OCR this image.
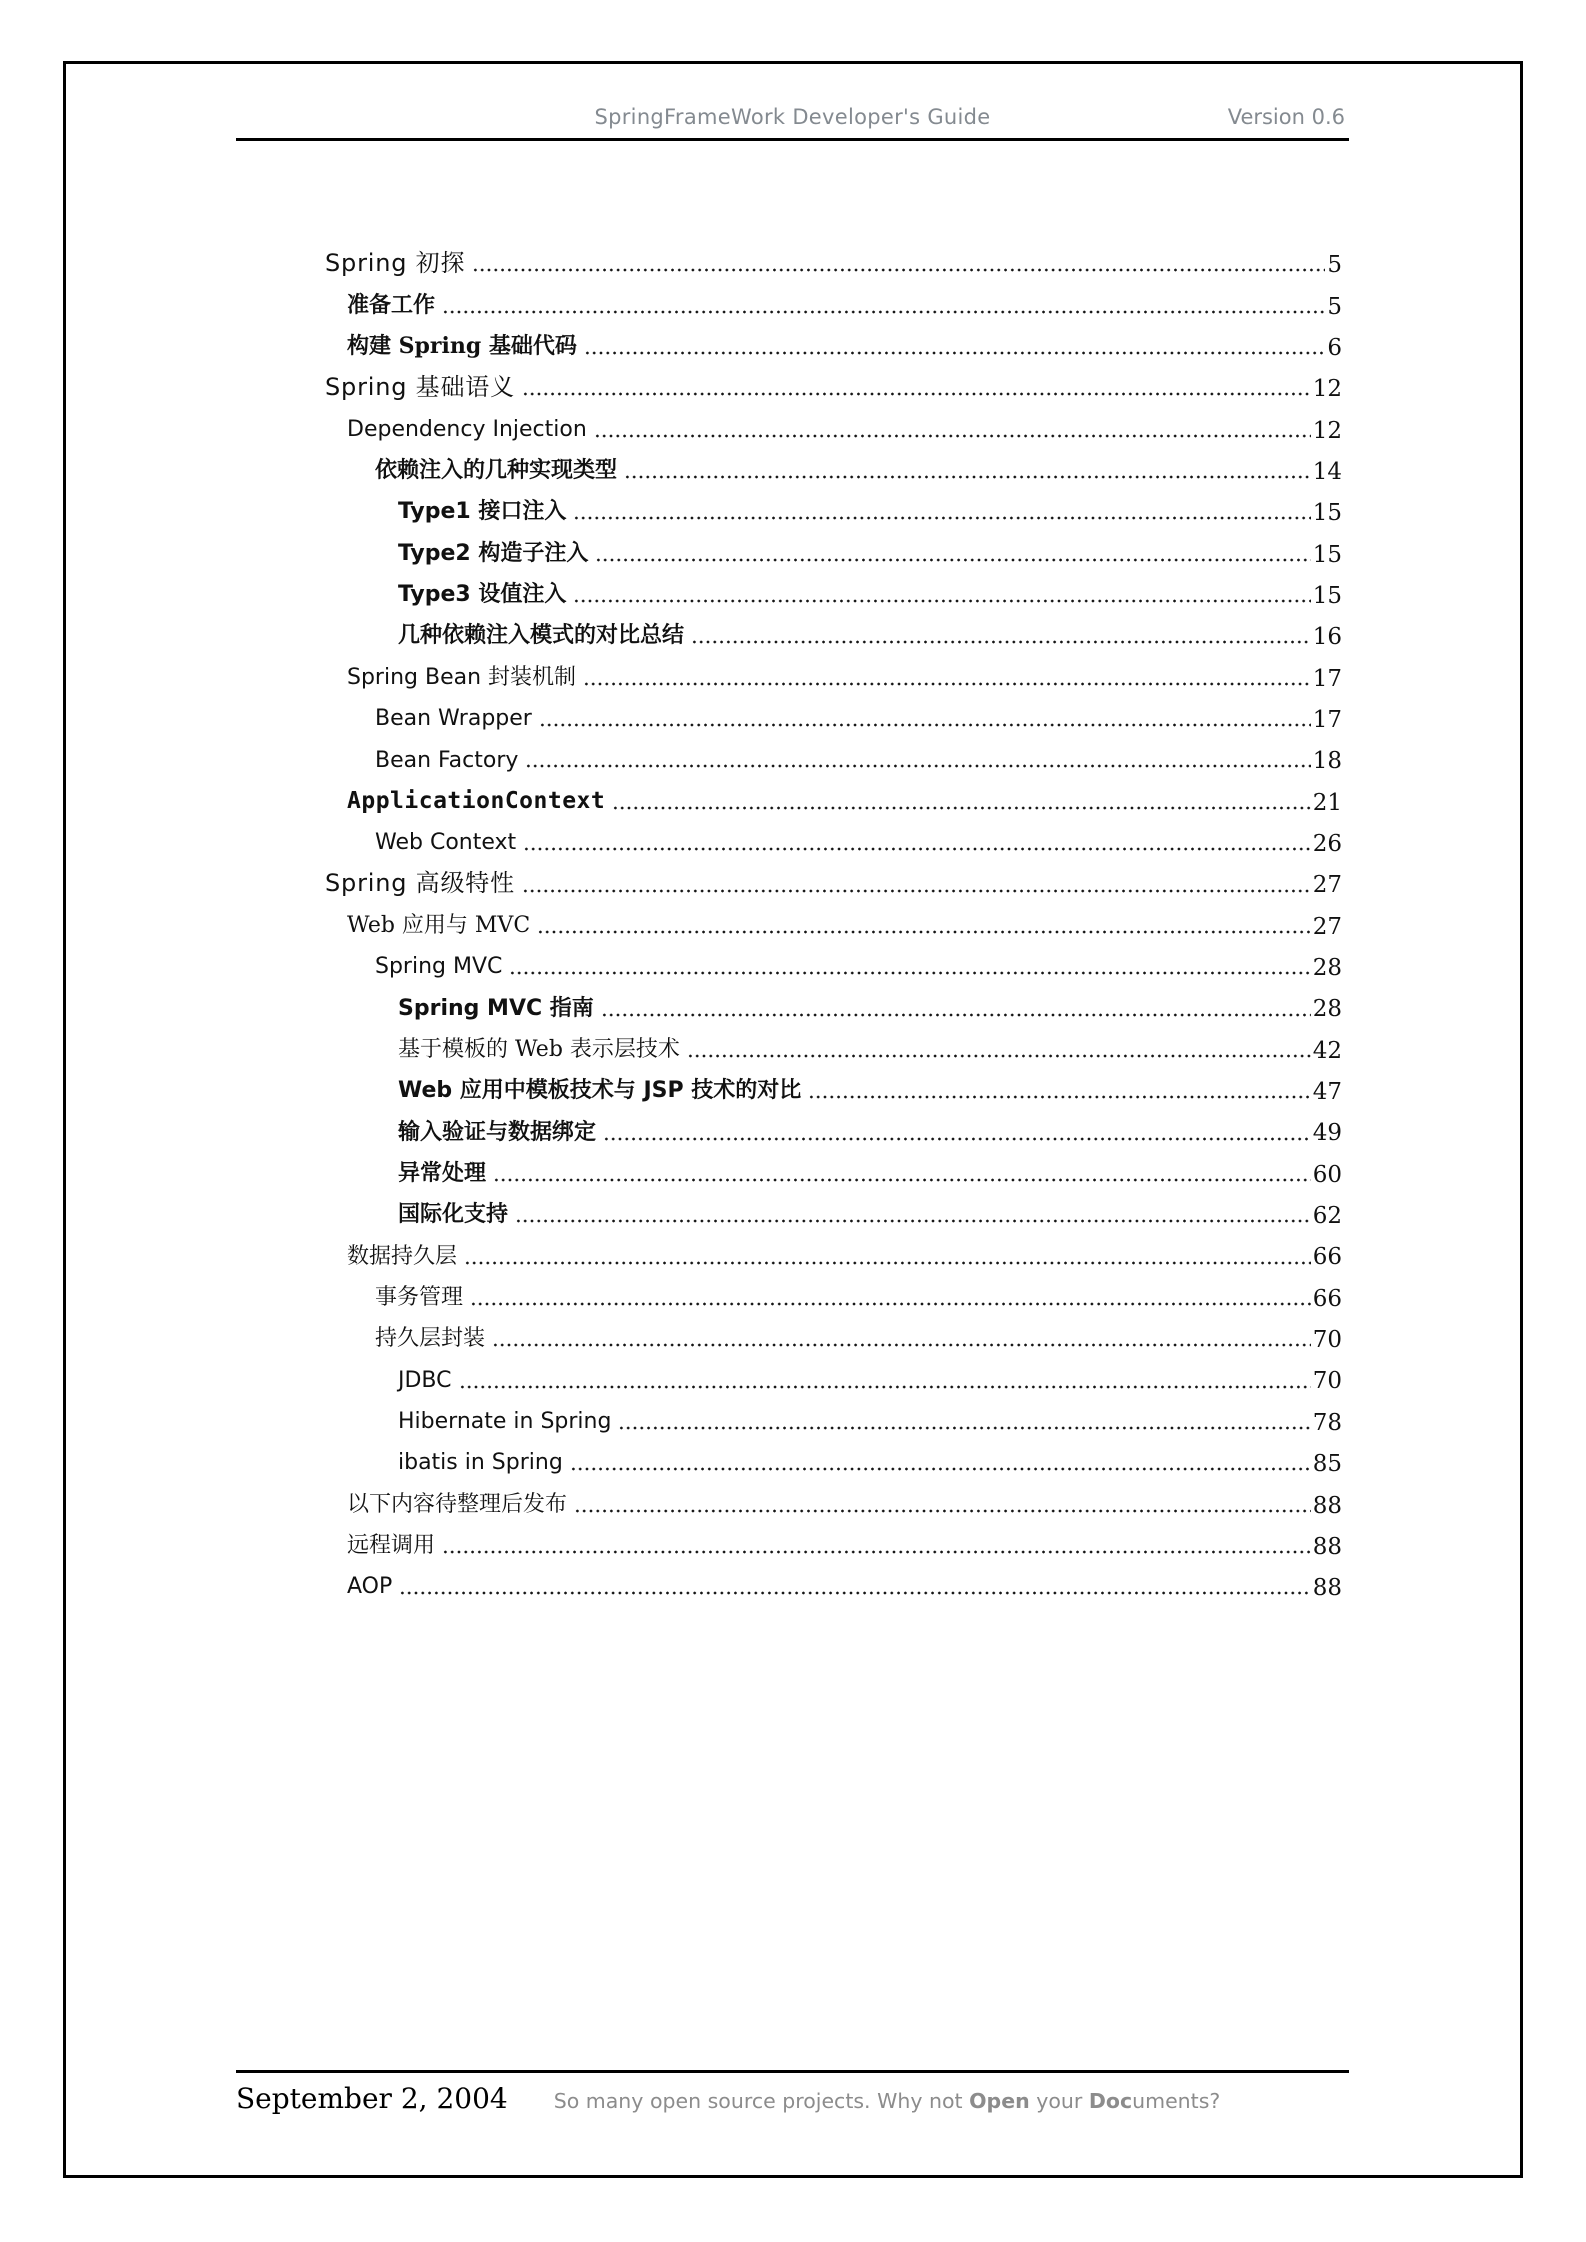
SpringFrameWork Developer's Guide	Version 0.6
Spring 初探	5
准备工作	5
构建 Spring 基础代码	6
Spring 基础语义	12
Dependency Injection	12
依赖注入的几种实现类型	14
Type1 接口注入	15
Type2 构造子注入	15
Type3 设值注入	15
几种依赖注入模式的对比总结	16
Spring Bean 封装机制	17
Bean Wrapper	17
Bean Factory	18
ApplicationContext	21
Web Context	26
Spring 高级特性	27
Web 应用与 MVC	27
Spring MVC	28
Spring MVC 指南	28
基于模板的 Web 表示层技术	42
Web 应用中模板技术与 JSP 技术的对比	47
输入验证与数据绑定	49
异常处理	60
国际化支持	62
数据持久层	66
事务管理	66
持久层封装	70
JDBC	70
Hibernate in Spring	78
ibatis in Spring	85
以下内容待整理后发布	88
远程调用	88
AOP	88
September 2, 2004 So many open source projects. Why not Open your Documents?
